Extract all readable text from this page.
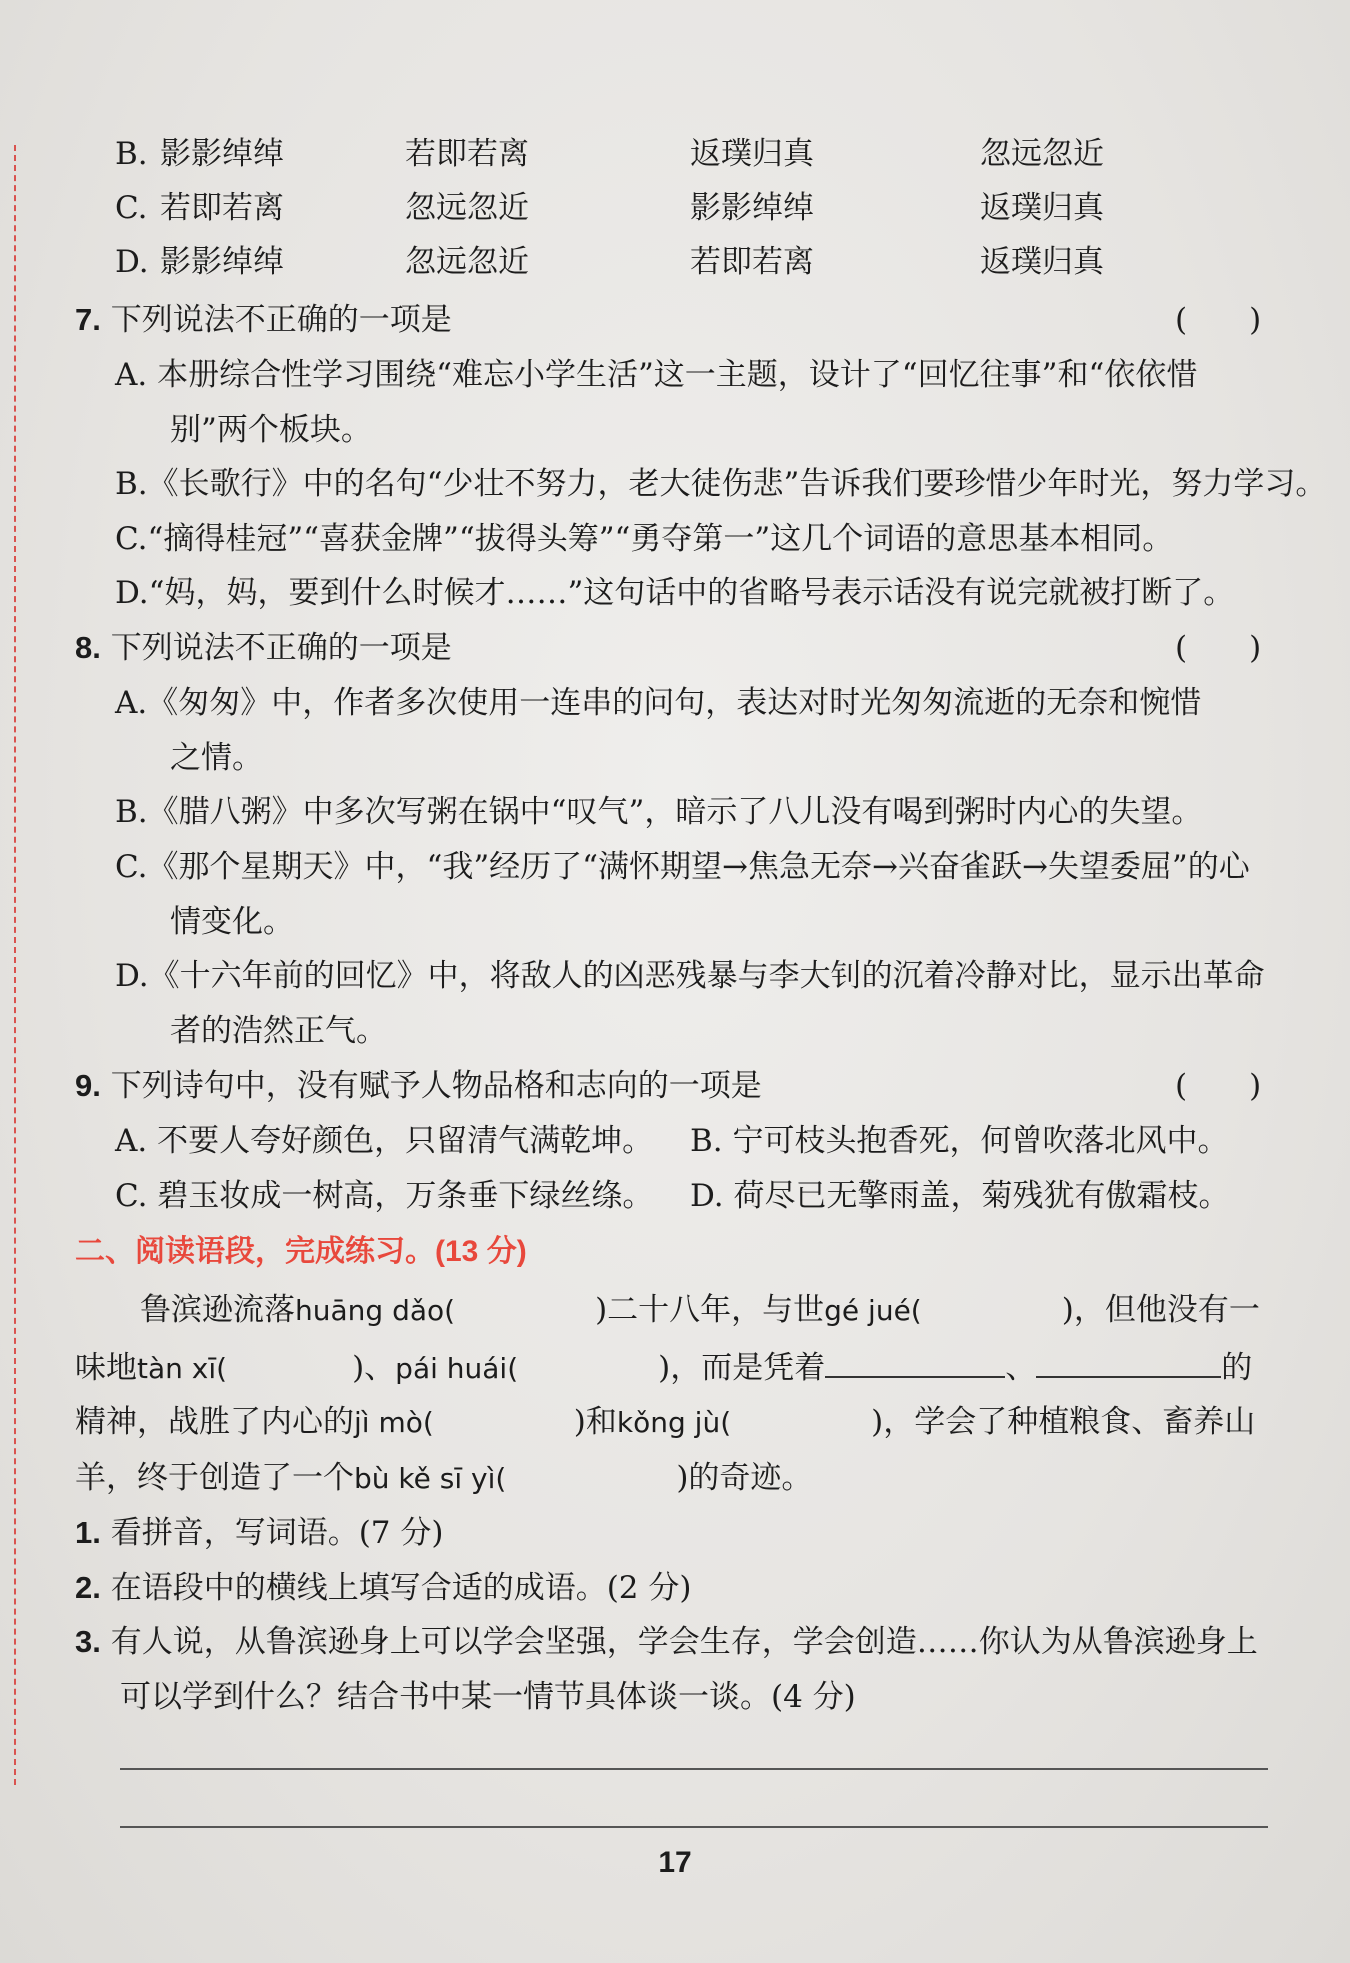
B. 影影绰绰	若即若离	返璞归真	忽远忽近
C. 若即若离	忽远忽近	影影绰绰	返璞归真
D. 影影绰绰	忽远忽近	若即若离	返璞归真
7. 下列说法不正确的一项是	(　　)
A. 本册综合性学习围绕“难忘小学生活”这一主题，设计了“回忆往事”和“依依惜
别”两个板块。
B.《长歌行》中的名句“少壮不努力，老大徒伤悲”告诉我们要珍惜少年时光，努力学习。
C.“摘得桂冠”“喜获金牌”“拔得头筹”“勇夺第一”这几个词语的意思基本相同。
D.“妈，妈，要到什么时候才……”这句话中的省略号表示话没有说完就被打断了。
8. 下列说法不正确的一项是	(　　)
A.《匆匆》中，作者多次使用一连串的问句，表达对时光匆匆流逝的无奈和惋惜
之情。
B.《腊八粥》中多次写粥在锅中“叹气”，暗示了八儿没有喝到粥时内心的失望。
C.《那个星期天》中，“我”经历了“满怀期望→焦急无奈→兴奋雀跃→失望委屈”的心
情变化。
D.《十六年前的回忆》中，将敌人的凶恶残暴与李大钊的沉着冷静对比，显示出革命
者的浩然正气。
9. 下列诗句中，没有赋予人物品格和志向的一项是	(　　)
A. 不要人夸好颜色，只留清气满乾坤。 B. 宁可枝头抱香死，何曾吹落北风中。
C. 碧玉妆成一树高，万条垂下绿丝绦。 D. 荷尽已无擎雨盖，菊残犹有傲霜枝。
二、阅读语段，完成练习。(13 分)
鲁滨逊流落huāng dǎo(	)二十八年，与世gé jué(	)，但他没有一
味地tàn xī(	)、pái huái(	)，而是凭着	、	的
精神，战胜了内心的jì mò(	)和kǒng jù(	)，学会了种植粮食、畜养山
羊，终于创造了一个bù kě sī yì(	)的奇迹。
1. 看拼音，写词语。(7 分)
2. 在语段中的横线上填写合适的成语。(2 分)
3. 有人说，从鲁滨逊身上可以学会坚强，学会生存，学会创造……你认为从鲁滨逊身上
可以学到什么？结合书中某一情节具体谈一谈。(4 分)
17
